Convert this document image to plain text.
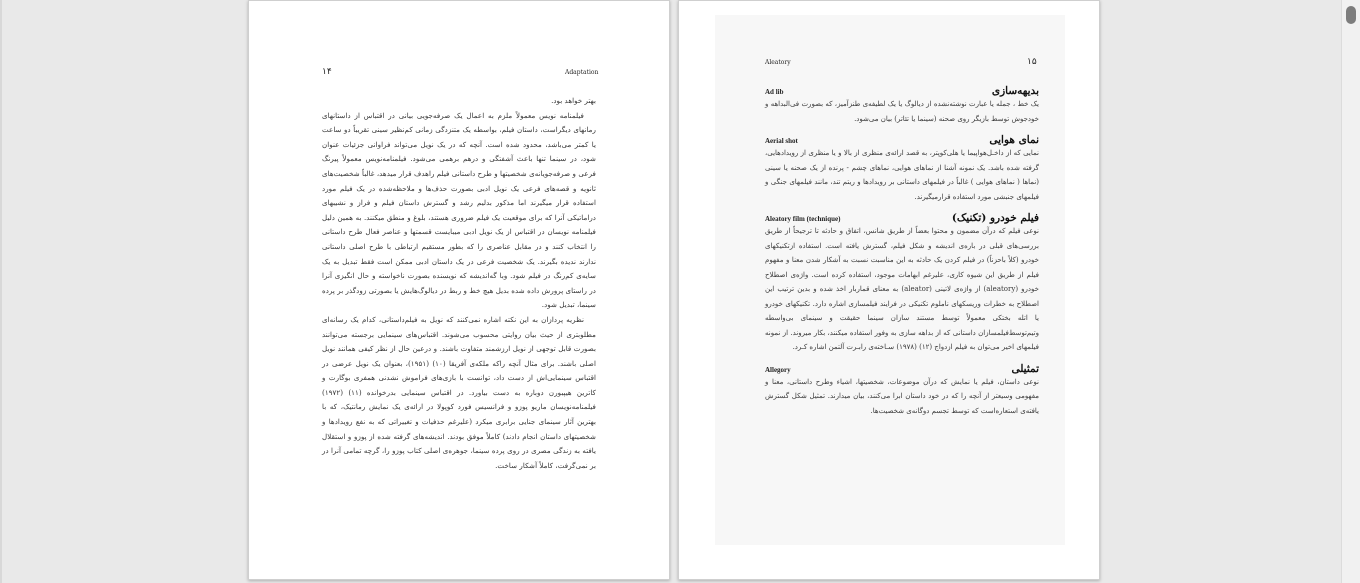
۱۴	Adaptation

بهتر خواهد بود.

فیلمنامه نویس معمولاً ملزم به اعمال یک صرفه‌جویی بیانی در اقتباس از داستانهای رمانهای دیگراست، داستان فیلم، بواسطه یک متنزدگی زمانی کم‌نظیر سینی تقریباً دو ساعت یا کمتر می‌باشد، محدود شده است. آنچه که در یک نویل می‌تواند فراوانی جزئیات عنوان شود، در سینما تنها باعث آشفتگی و درهم برهمی می‌شود. فیلمنامه‌نویس معمولاً پیرنگ فرعی و صرفه‌جویانه‌ی شخصیتها و طرح داستانی فیلم را‌هدف قرار میدهد، غالباً شخصیت‌های ثانویه و قصه‌های فرعی یک نویل ادبی بصورت حذف‌ها و ملاحظه‌شده در یک فیلم مورد استفاده قرار میگیرند اما مذکور بدلیم رشد و گسترش داستان فیلم و فراز و نشیبهای دراماتیکی آنرا که برای موقعیت یک فیلم ضروری هستند، بلوغ و منطق میکنند. به همین دلیل فیلمنامه نویسان در اقتباس از یک نویل ادبی میبایست قسمتها و عناصر فعال طرح داستانی را انتخاب کنند و در مقابل عناصری را که بطور مستقیم ارتباطی با طرح اصلی داستانی ندارند ندیده بگیرند. یک شخصیت فرعی در یک داستان ادبی ممکن است فقط تبدیل به یک سایه‌ی کم‌رنگ در فیلم شود. وبا گه‌اندیشه که نویسنده بصورت ناخواسته و حال انگیزی آنرا در راستای پرورش داده شده بدیل هیچ خط و ربط در دیالوگ‌هایش یا بصورتی زودگذر بر پرده سینما، تبدیل شود.

نظریه پردازان به این نکته اشاره نمی‌کنند که نویل به فیلم‌داستانی، کدام یک رسانه‌ای مطلوبتری از حیث بیان روایتی محسوب می‌شوند. اقتباس‌های سینمایی برجسته می‌توانند بصورت قابل توجهی از نویل ارزشمند متفاوت باشند. و درعین حال از نظر کیفی همانند نویل اصلی باشند. برای مثال آنچه راکه ملکه‌ی آفریقا (۱۰) (۱۹۵۱)، بعنوان یک نویل عرضی در اقتباس سینمایی‌اش از دست داد، توانست با بازی‌های فراموش نشدنی همفری بوگارت و کاترین هیپبورن دوباره به دست بیاورد. در اقتباس سینمایی بدرخوانده (۱۱) (۱۹۷۲) فیلمنامه‌نویسان ماریو پوزو و فرانسیس فورد کوپولا در ارائه‌ی یک نمایش رمانتیک، که با بهترین آثار سینمای جنایی برابری میکرد (علیرغم حذفیات و تغییراتی که به نفع رویدادها و شخصیتهای داستان انجام دادند) کاملاً موفق بودند. اندیشه‌های گرفته شده از پوزو و استقلال یافته به زندگی مصری در روی پرده سینما، جوهره‌ی اصلی کتاب پوزو را، گرچه تمامی آنرا در بر نمی‌گرفت، کاملاً آشکار ساخت.

Aleatory	۱۵
Ad lib	بدیهه‌سازی
یک خط ، جمله یا عبارت نوشته‌نشده از دیالوگ یا یک لطیفه‌ی طنزآمیز، که بصورت فی‌البداهه و خودجوش توسط بازیگر روی صحنه (سینما یا تئاتر) بیان می‌شود.
Aerial shot	نمای هوایی
نمایی که از داخـل‌هواپیما یا هلی‌کوپتر، به قصد ارائه‌ی منظری از بالا و یا منظری از رویدادهایی، گرفته شده باشد. یک نمونه آشنا از نماهای هوایی، نماهای چشم - پرنده از یک صحنه یا سینی (نماها ( نماهای هوایی ) غالباً در فیلمهای داستانی بر رویدادها و ریتم تند، مانند فیلمهای جنگی‌ و فیلمهای جنبشی مورد استفاده قرارمیگیرند.
Aleatory film (technique)	فیلم خودرو (تکنیک)
نوعی فیلم که درآن مضمون و محتوا بعضاً از طریق شانس، اتفاق و حادثه تا ترجیحاً از طریق بررسی‌های قبلی در باره‌ی اندیشه و شکل فیلم، گسترش یافته است. استفاده ازتکنیکهای خودرو (کلاً باحزناً) در فیلم کردن یک حادثه به این مناسبت نسبت به آشکار شدن معنا و مفهوم فیلم از طریق این شیوه کاری، علیرغم ابهامات موجود، استفاده کرده است. واژه‌ی اصطلاح خودرو (aleatory) از واژه‌ی لاتینی (aleator) به معنای قماربار اخذ شده و بدین ترتیب این اصطلاح به خطرات وریسکهای ناملوم تکنیکی در فرایند فیلمسازی اشاره دارد. تکنیکهای خودرو یا اتله بختکی معمولاً توسط مستند سازان سینما حقیقت و سینمای بی‌واسطه وتیم‌توسط‌فیلمسازان داستانی که از بداهه سازی به وفور استفاده میکنند، بکار میروند. از نمونه فیلمهای اخیر می‌توان به فیلم ازدواج (۱۲) (۱۹۷۸) سـاخته‌ی رابـرت آلتمن اشاره کـرد.
Allegory	تمثیلی
نوعی داستان، فیلم یا نمایش که درآن موضوعات، شخصیتها، اشیاء وطرح داستانی، معنا و مفهومی وسیعتر از آنچه را که در خود داستان ابرا می‌کنند، بیان میدارند. تمثیل شکل گسترش یافته‌ی استعاره‌است که توسط تجسم دوگانه‌ی شخصیت‌ها.
